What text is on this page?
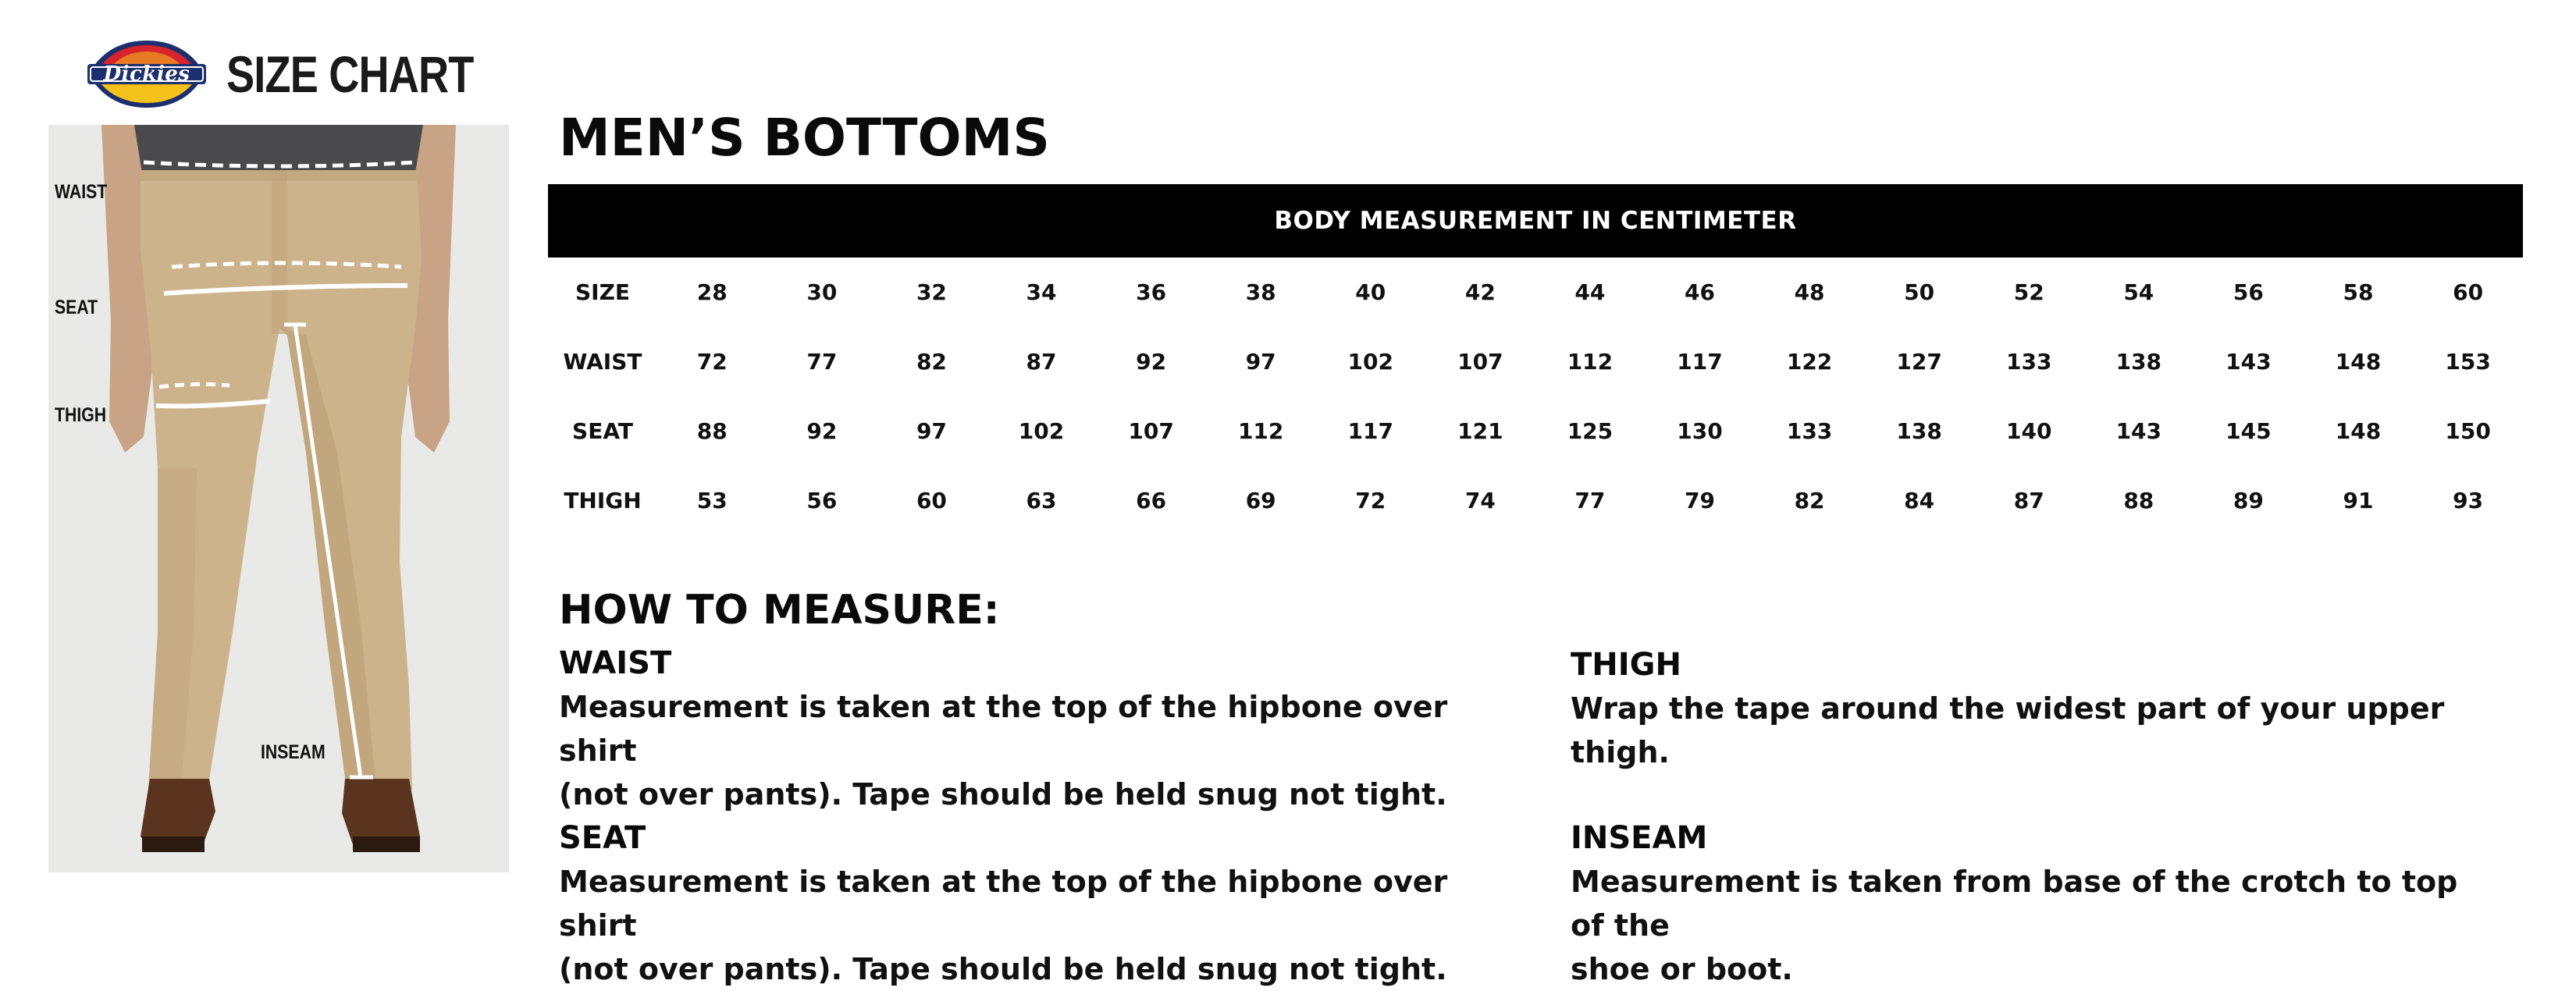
Dickies SIZE CHART
WAIST
SEAT
THIGH
INSEAM
MEN’S BOTTOMS
BODY MEASUREMENT IN CENTIMETER
SIZE	28	30	32	34	36	38	40	42	44	46	48	50	52	54	56	58	60
WAIST	72	77	82	87	92	97	102	107	112	117	122	127	133	138	143	148	153
SEAT	88	92	97	102	107	112	117	121	125	130	133	138	140	143	145	148	150
THIGH	53	56	60	63	66	69	72	74	77	79	82	84	87	88	89	91	93
HOW TO MEASURE:
WAIST

Measurement is taken at the top of the hipbone over shirt
(not over pants). Tape should be held snug not tight.

THIGH

Wrap the tape around the widest part of your upper thigh.

SEAT

Measurement is taken at the top of the hipbone over shirt
(not over pants). Tape should be held snug not tight.

INSEAM

Measurement is taken from base of the crotch to top of the
shoe or boot.
